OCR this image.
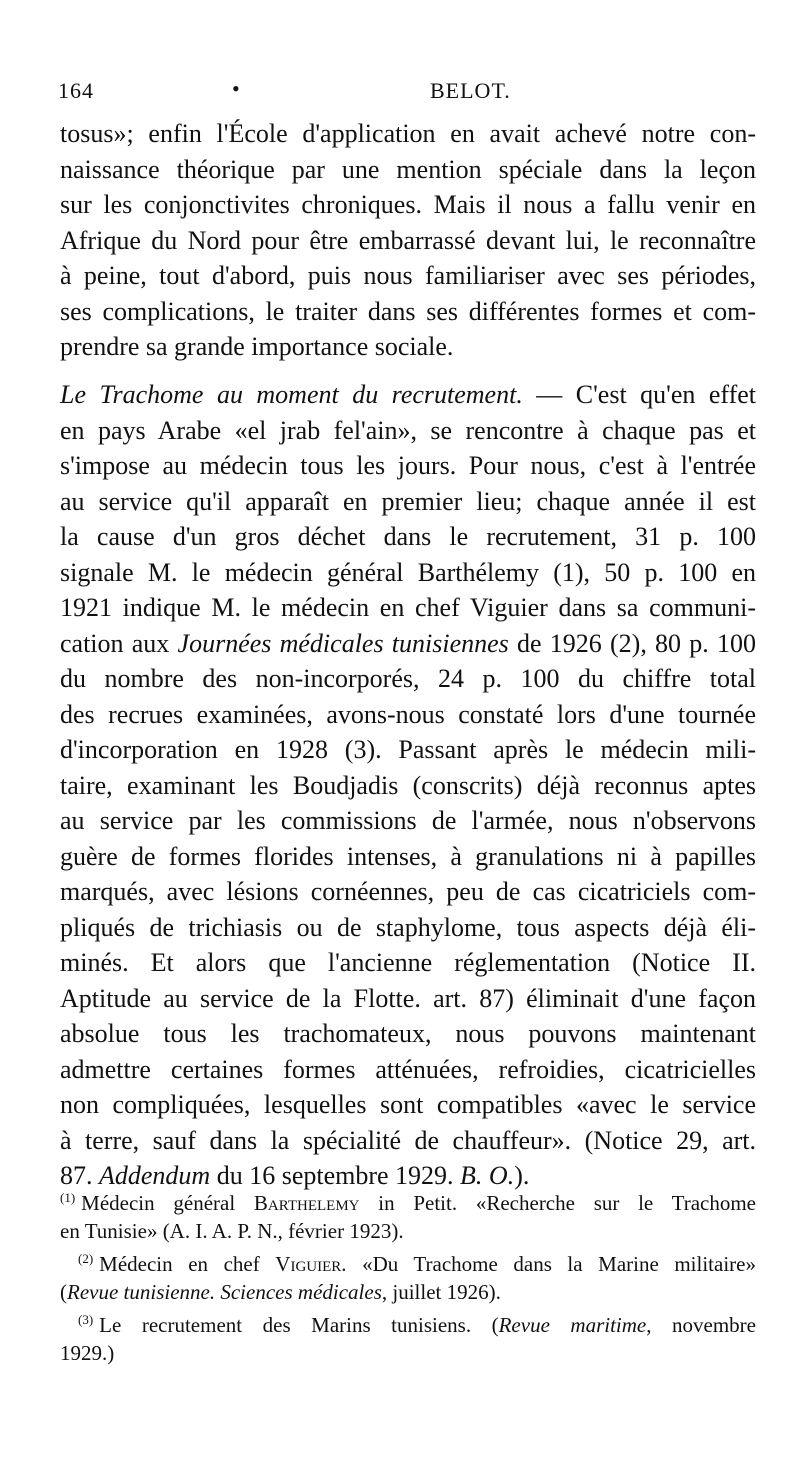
164	•	BELOT.
tosus»; enfin l'École d'application en avait achevé notre con-
naissance théorique par une mention spéciale dans la leçon
sur les conjonctivites chroniques. Mais il nous a fallu venir en
Afrique du Nord pour être embarrassé devant lui, le reconnaître
à peine, tout d'abord, puis nous familiariser avec ses périodes,
ses complications, le traiter dans ses différentes formes et com-
prendre sa grande importance sociale.
Le Trachome au moment du recrutement. — C'est qu'en effet
en pays Arabe «el jrab fel'ain», se rencontre à chaque pas et
s'impose au médecin tous les jours. Pour nous, c'est à l'entrée
au service qu'il apparaît en premier lieu; chaque année il est
la cause d'un gros déchet dans le recrutement, 31 p. 100
signale M. le médecin général Barthélemy (1), 50 p. 100 en
1921 indique M. le médecin en chef Viguier dans sa communi-
cation aux Journées médicales tunisiennes de 1926 (2), 80 p. 100
du nombre des non-incorporés, 24 p. 100 du chiffre total
des recrues examinées, avons-nous constaté lors d'une tournée
d'incorporation en 1928 (3). Passant après le médecin mili-
taire, examinant les Boudjadis (conscrits) déjà reconnus aptes
au service par les commissions de l'armée, nous n'observons
guère de formes florides intenses, à granulations ni à papilles
marqués, avec lésions cornéennes, peu de cas cicatriciels com-
pliqués de trichiasis ou de staphylome, tous aspects déjà éli-
minés. Et alors que l'ancienne réglementation (Notice II.
Aptitude au service de la Flotte. art. 87) éliminait d'une façon
absolue tous les trachomateux, nous pouvons maintenant
admettre certaines formes atténuées, refroidies, cicatricielles
non compliquées, lesquelles sont compatibles «avec le service
à terre, sauf dans la spécialité de chauffeur». (Notice 29, art.
87. Addendum du 16 septembre 1929. B. O.).
$^{(1)}$ Médecin général Barthelemy in Petit. «Recherche sur le Trachome
en Tunisie» (A. I. A. P. N., février 1923).
$^{(2)}$ Médecin en chef Viguier. «Du Trachome dans la Marine militaire»
(Revue tunisienne. Sciences médicales, juillet 1926).
$^{(3)}$ Le recrutement des Marins tunisiens. (Revue maritime, novembre
1929.)
